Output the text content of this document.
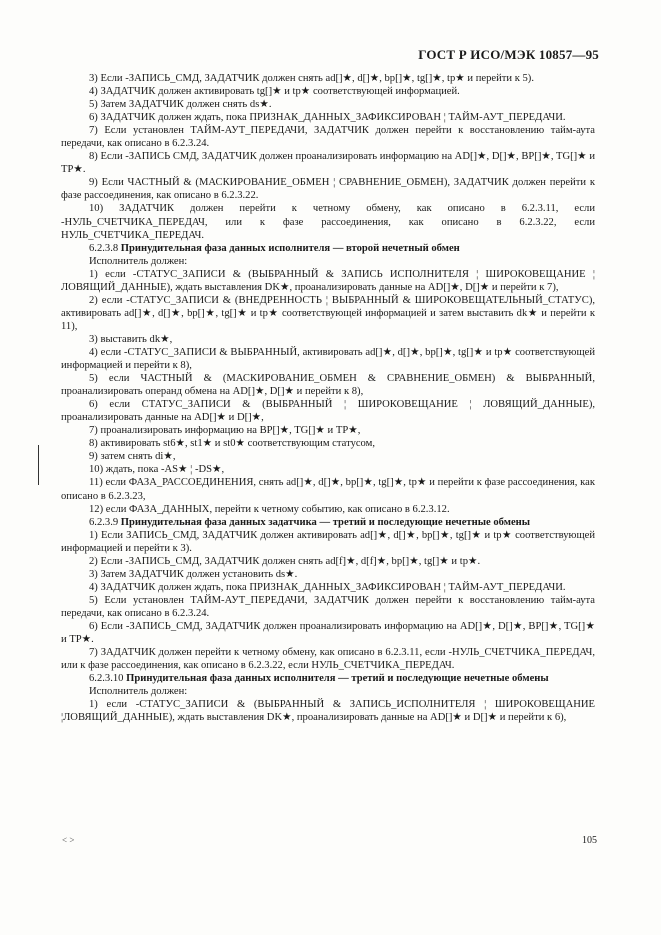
ГОСТ Р ИСО/МЭК 10857—95

3) Если -ЗАПИСЬ_СМД, ЗАДАТЧИК должен снять ad[]★, d[]★, bp[]★, tg[]★, tp★ и перейти к 5).

4) ЗАДАТЧИК должен активировать tg[]★ и tp★ соответствующей информацией.

5) Затем ЗАДАТЧИК должен снять ds★.

6) ЗАДАТЧИК должен ждать, пока ПРИЗНАК_ДАННЫХ_ЗАФИКСИРОВАН ¦ ТАЙМ-АУТ_ПЕРЕДАЧИ.

7) Если установлен ТАЙМ-АУТ_ПЕРЕДАЧИ, ЗАДАТЧИК должен перейти к восстановлению тайм-аута передачи, как описано в 6.2.3.24.

8) Если -ЗАПИСЬ СМД, ЗАДАТЧИК должен проанализировать информацию на AD[]★, D[]★, BP[]★, TG[]★ и TP★.

9) Если ЧАСТНЫЙ & (МАСКИРОВАНИЕ_ОБМЕН ¦ СРАВНЕНИЕ_ОБМЕН), ЗАДАТЧИК должен перейти к фазе рассоединения, как описано в 6.2.3.22.

10) ЗАДАТЧИК должен перейти к четному обмену, как описано в 6.2.3.11, если -НУЛЬ_СЧЕТЧИКА_ПЕРЕДАЧ, или к фазе рассоединения, как описано в 6.2.3.22, если НУЛЬ_СЧЕТЧИКА_ПЕРЕДАЧ.

6.2.3.8 Принудительная фаза данных исполнителя — второй нечетный обмен

Исполнитель должен:

1) если -СТАТУС_ЗАПИСИ & (ВЫБРАННЫЙ & ЗАПИСЬ ИСПОЛНИТЕЛЯ ¦ ШИРОКОВЕЩАНИЕ ¦ ЛОВЯЩИЙ_ДАННЫЕ), ждать выставления DK★, проанализировать данные на AD[]★, D[]★ и перейти к 7),

2) если -СТАТУС_ЗАПИСИ & (ВНЕДРЕННОСТЬ ¦ ВЫБРАННЫЙ & ШИРОКОВЕЩАТЕЛЬНЫЙ_СТАТУС), активировать ad[]★, d[]★, bp[]★, tg[]★ и tp★ соответствующей информацией и затем выставить dk★ и перейти к 11),

3) выставить dk★,

4) если -СТАТУС_ЗАПИСИ & ВЫБРАННЫЙ, активировать ad[]★, d[]★, bp[]★, tg[]★ и tp★ соответствующей информацией и перейти к 8),

5) если ЧАСТНЫЙ & (МАСКИРОВАНИЕ_ОБМЕН & СРАВНЕНИЕ_ОБМЕН) & ВЫБРАННЫЙ, проанализировать операнд обмена на AD[]★, D[]★ и перейти к 8),

6) если СТАТУС_ЗАПИСИ & (ВЫБРАННЫЙ ¦ ШИРОКОВЕЩАНИЕ ¦ ЛОВЯЩИЙ_ДАННЫЕ), проанализировать данные на AD[]★ и D[]★,

7) проанализировать информацию на BP[]★, TG[]★ и TP★,

8) активировать st6★, st1★ и st0★ соответствующим статусом,

9) затем снять di★,

10) ждать, пока -AS★ ¦ -DS★,

11) если ФАЗА_РАССОЕДИНЕНИЯ, снять ad[]★, d[]★, bp[]★, tg[]★, tp★ и перейти к фазе рассоединения, как описано в 6.2.3.23,

12) если ФАЗА_ДАННЫХ, перейти к четному событию, как описано в 6.2.3.12.

6.2.3.9 Принудительная фаза данных задатчика — третий и последующие нечетные обмены

1) Если ЗАПИСЬ_СМД, ЗАДАТЧИК должен активировать ad[]★, d[]★, bp[]★, tg[]★ и tp★ соответствующей информацией и перейти к 3).

2) Если -ЗАПИСЬ_СМД, ЗАДАТЧИК должен снять ad[f]★, d[f]★, bp[]★, tg[]★ и tp★.

3) Затем ЗАДАТЧИК должен установить ds★.

4) ЗАДАТЧИК должен ждать, пока ПРИЗНАК_ДАННЫХ_ЗАФИКСИРОВАН ¦ ТАЙМ-АУТ_ПЕРЕДАЧИ.

5) Если установлен ТАЙМ-АУТ_ПЕРЕДАЧИ, ЗАДАТЧИК должен перейти к восстановлению тайм-аута передачи, как описано в 6.2.3.24.

6) Если -ЗАПИСЬ_СМД, ЗАДАТЧИК должен проанализировать информацию на AD[]★, D[]★, BP[]★, TG[]★ и TP★.

7) ЗАДАТЧИК должен перейти к четному обмену, как описано в 6.2.3.11, если -НУЛЬ_СЧЕТЧИКА_ПЕРЕДАЧ, или к фазе рассоединения, как описано в 6.2.3.22, если НУЛЬ_СЧЕТЧИКА_ПЕРЕДАЧ.

6.2.3.10 Принудительная фаза данных исполнителя — третий и последующие нечетные обмены

Исполнитель должен:

1) если -СТАТУС_ЗАПИСИ & (ВЫБРАННЫЙ & ЗАПИСЬ_ИСПОЛНИТЕЛЯ ¦ ШИРОКОВЕЩАНИЕ ¦ЛОВЯЩИЙ_ДАННЫЕ), ждать выставления DK★, проанализировать данные на AD[]★ и D[]★ и перейти к 6),

< >	105
